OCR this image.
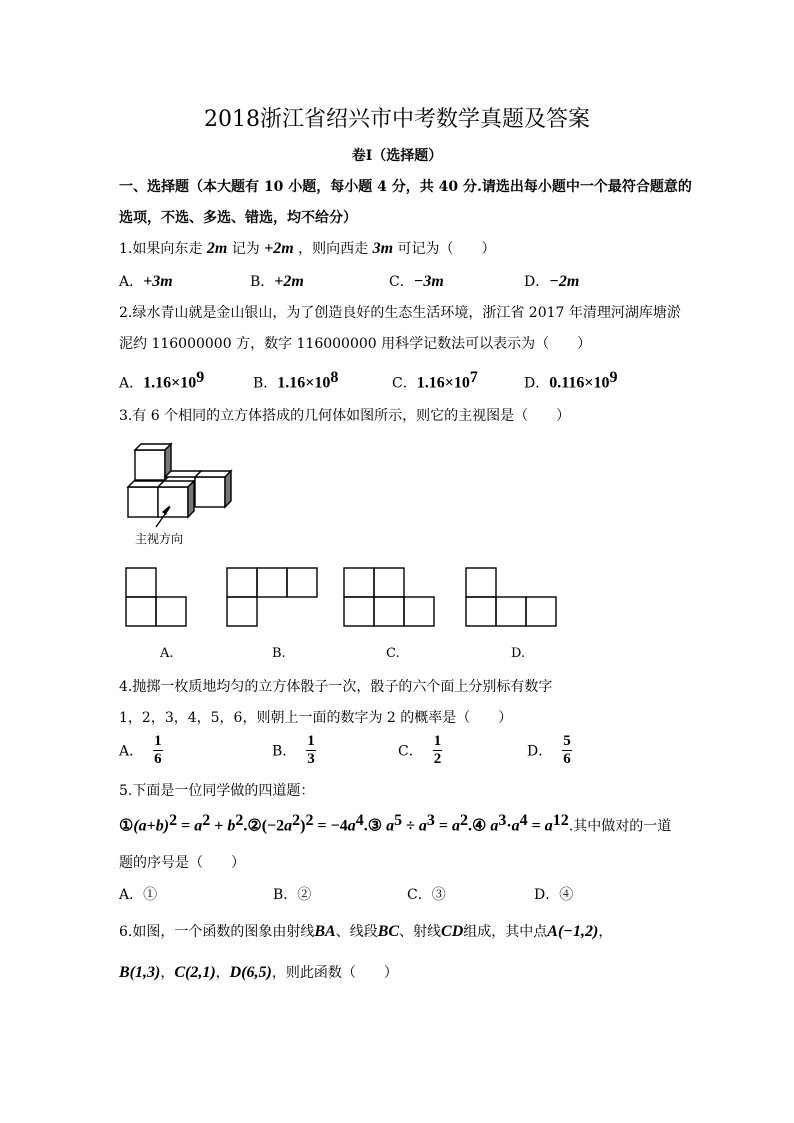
2018浙江省绍兴市中考数学真题及答案
卷Ⅰ（选择题）
一、选择题（本大题有 10 小题，每小题 4 分，共 40 分.请选出每小题中一个最符合题意的
选项，不选、多选、错选，均不给分）
1.如果向东走 2m 记为 +2m ，则向西走 3m 可记为（　　）
A．+3m	B．+2m	C．−3m	D．−2m
2.绿水青山就是金山银山，为了创造良好的生态生活环境，浙江省 2017 年清理河湖库塘淤
泥约 116000000 方，数字 116000000 用科学记数法可以表示为（　　）
A．$1.16\times 10^9$	B．$1.16\times 10^8$	C．$1.16\times 10^7$	D．$0.116\times 10^9$
3.有 6 个相同的立方体搭成的几何体如图所示，则它的主视图是（　　）
主视方向
A.	B.	C.	D.
4.抛掷一枚质地均匀的立方体骰子一次，骰子的六个面上分别标有数字
1，2，3，4，5，6，则朝上一面的数字为 2 的概率是（　　）
A． $\frac{1}{6}$	B． $\frac{1}{3}$	C． $\frac{1}{2}$	D． $\frac{5}{6}$
5.下面是一位同学做的四道题：
$①(a+b)^2 = a^2$ + $b^2.②(-2a^2)^2$ = $-4a^4.③$ $a^5 \div a^3$ = $a^2.④$ $a^3\cdot a^4 = a^{12}$.其中做对的一道
题的序号是（　　）
A．①	B．②	C．③	D．④
6.如图，一个函数的图象由射线BA、线段BC、射线CD组成，其中点A(−1,2)，
B(1,3)，C(2,1)，D(6,5)，则此函数（　　）
